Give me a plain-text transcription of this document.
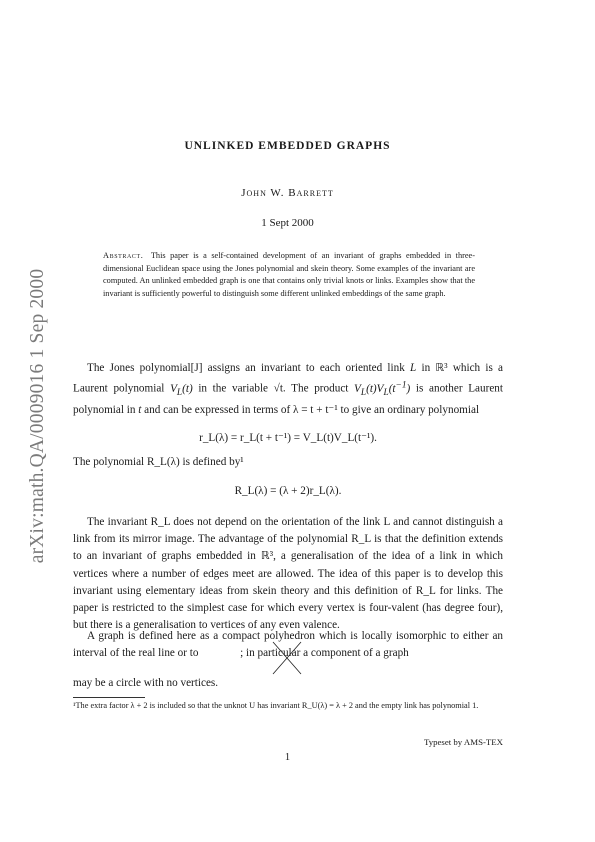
arXiv:math.QA/0009016 1 Sep 2000
UNLINKED EMBEDDED GRAPHS
John W. Barrett
1 Sept 2000
Abstract. This paper is a self-contained development of an invariant of graphs embedded in three-dimensional Euclidean space using the Jones polynomial and skein theory. Some examples of the invariant are computed. An unlinked embedded graph is one that contains only trivial knots or links. Examples show that the invariant is sufficiently powerful to distinguish some different unlinked embeddings of the same graph.
The Jones polynomial[J] assigns an invariant to each oriented link L in ℝ³ which is a Laurent polynomial $V_L(t)$ in the variable √t. The product $V_L(t)V_L(t^{-1})$ is another Laurent polynomial in t and can be expressed in terms of λ = t + t⁻¹ to give an ordinary polynomial
r_L(λ) = r_L(t + t⁻¹) = V_L(t)V_L(t⁻¹).
The polynomial R_L(λ) is defined by¹
R_L(λ) = (λ + 2)r_L(λ).
The invariant R_L does not depend on the orientation of the link L and cannot distinguish a link from its mirror image. The advantage of the polynomial R_L is that the definition extends to an invariant of graphs embedded in ℝ³, a generalisation of the idea of a link in which vertices where a number of edges meet are allowed. The idea of this paper is to develop this invariant using elementary ideas from skein theory and this definition of R_L for links. The paper is restricted to the simplest case for which every vertex is four-valent (has degree four), but there is a generalisation to vertices of any even valence.
A graph is defined here as a compact polyhedron which is locally isomorphic to either an interval of the real line or to	; in particular a component of a graph
may be a circle with no vertices.
¹The extra factor λ + 2 is included so that the unknot U has invariant R_U(λ) = λ + 2 and the empty link has polynomial 1.
Typeset by AMS-TEX
1
